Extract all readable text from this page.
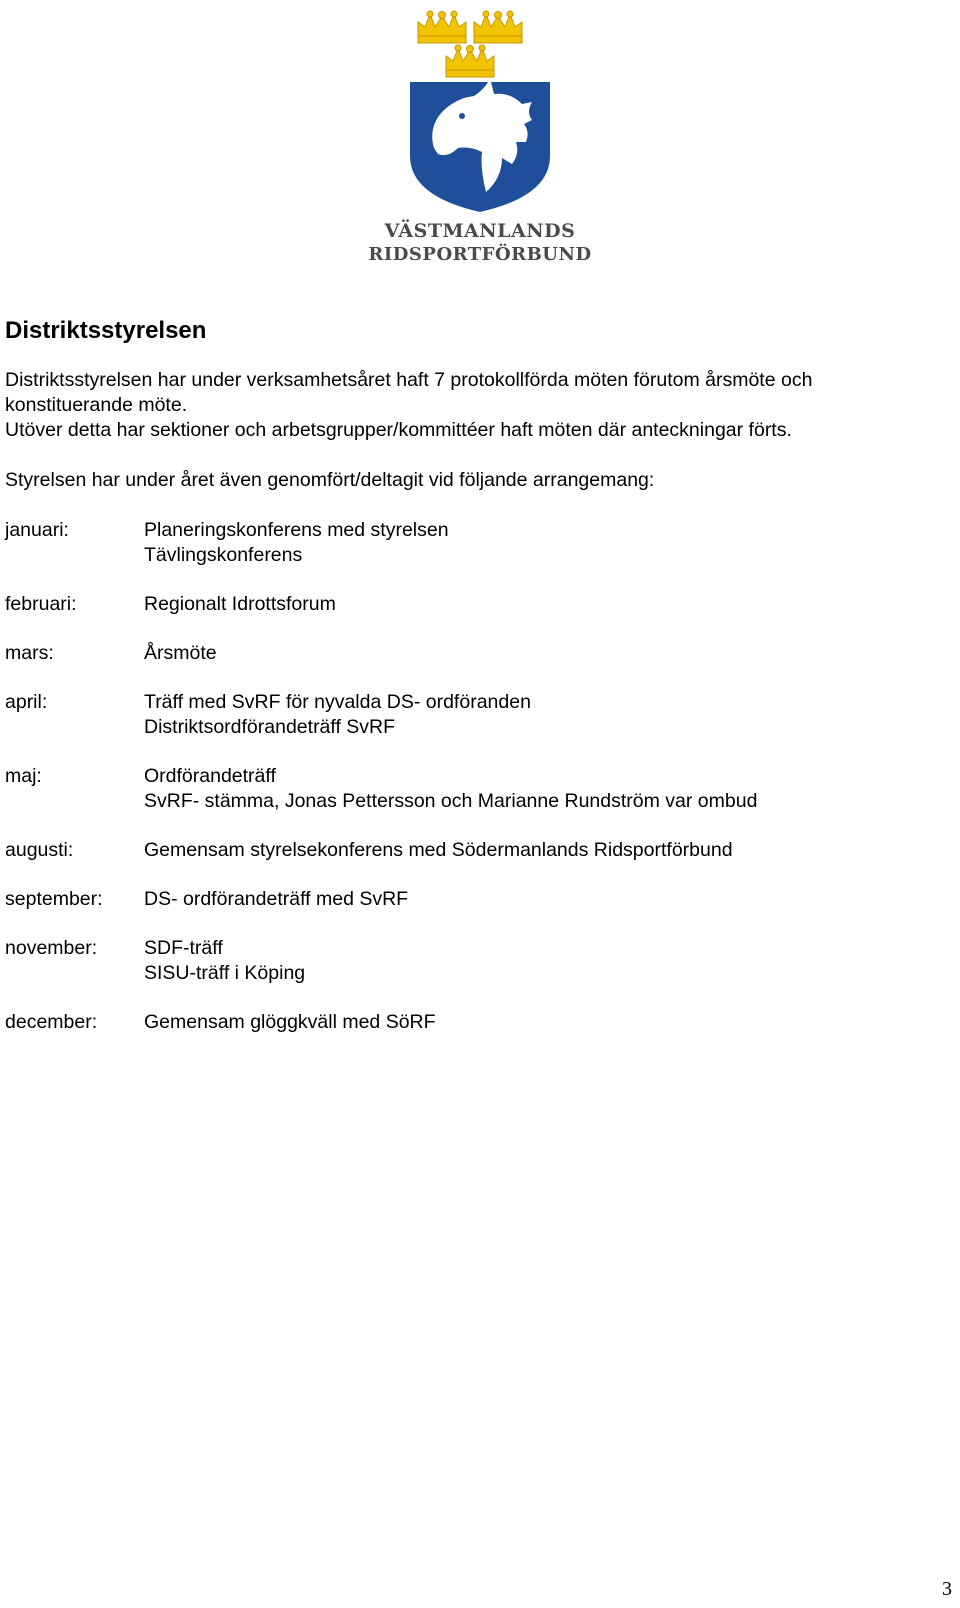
VÄSTMANLANDS
RIDSPORTFÖRBUND
Distriktsstyrelsen
Distriktsstyrelsen har under verksamhetsåret haft 7 protokollförda möten förutom årsmöte och
konstituerande möte.
Utöver detta har sektioner och arbetsgrupper/kommittéer haft möten där anteckningar förts.
Styrelsen har under året även genomfört/deltagit vid följande arrangemang:
januari:	Planeringskonferens med styrelsen
Tävlingskonferens
februari:	Regionalt Idrottsforum
mars:	Årsmöte
april:	Träff med SvRF för nyvalda DS- ordföranden
Distriktsordförandeträff SvRF
maj:	Ordförandeträff
SvRF- stämma, Jonas Pettersson och Marianne Rundström var ombud
augusti:	Gemensam styrelsekonferens med Södermanlands Ridsportförbund
september: DS- ordförandeträff med SvRF
november: SDF-träff
SISU-träff i Köping
december: Gemensam glöggkväll med SöRF
3
